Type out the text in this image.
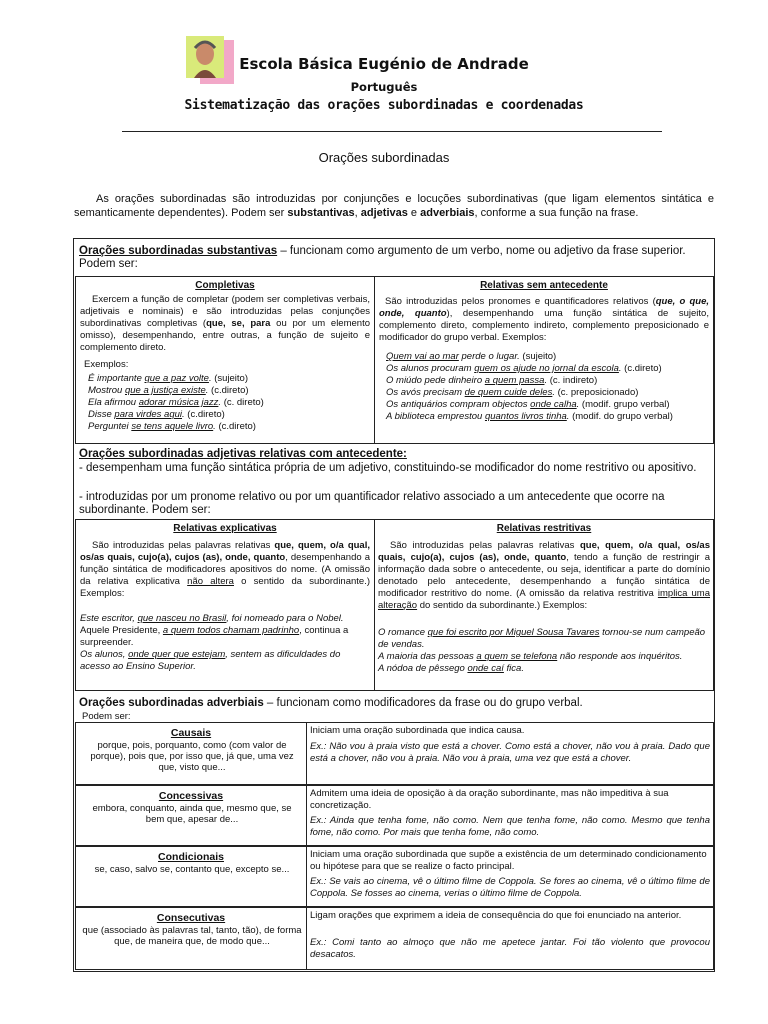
Escola Básica Eugénio de Andrade
Português
Sistematização das orações subordinadas e coordenadas
Orações subordinadas
As orações subordinadas são introduzidas por conjunções e locuções subordinativas (que ligam elementos sintática e semanticamente dependentes). Podem ser substantivas, adjetivas e adverbiais, conforme a sua função na frase.
Orações subordinadas substantivas – funcionam como argumento de um verbo, nome ou adjetivo da frase superior. Podem ser:
Completivas
Exercem a função de completar (podem ser completivas verbais, adjetivais e nominais) e são introduzidas pelas conjunções subordinativas completivas (que, se, para ou por um elemento omisso), desempenhando, entre outras, a função de sujeito e complemento direto.
Exemplos:
É importante que a paz volte. (sujeito)
Mostrou que a justiça existe. (c.direto)
Ela afirmou adorar música jazz. (c. direto)
Disse para virdes aqui. (c.direto)
Perguntei se tens aquele livro. (c.direto)
Relativas sem antecedente
São introduzidas pelos pronomes e quantificadores relativos (que, o que, onde, quanto), desempenhando uma função sintática de sujeito, complemento direto, complemento indireto, complemento preposicionado e modificador do grupo verbal. Exemplos:
Quem vai ao mar perde o lugar. (sujeito)
Os alunos procuram quem os ajude no jornal da escola. (c.direto)
O miúdo pede dinheiro a quem passa. (c. indireto)
Os avós precisam de quem cuide deles. (c. preposicionado)
Os antiquários compram objectos onde calha. (modif. grupo verbal)
A biblioteca emprestou quantos livros tinha. (modif. do grupo verbal)
Orações subordinadas adjetivas relativas com antecedente:
- desempenham uma função sintática própria de um adjetivo, constituindo-se modificador do nome restritivo ou apositivo.
- introduzidas por um pronome relativo ou por um quantificador relativo associado a um antecedente que ocorre na subordinante. Podem ser:
Relativas explicativas
São introduzidas pelas palavras relativas que, quem, o/a qual, os/as quais, cujo(a), cujos (as), onde, quanto, desempenhando a função sintática de modificadores apositivos do nome. (A omissão da relativa explicativa não altera o sentido da subordinante.) Exemplos:
Este escritor, que nasceu no Brasil, foi nomeado para o Nobel.
Aquele Presidente, a quem todos chamam padrinho, continua a surpreender.
Os alunos, onde quer que estejam, sentem as dificuldades do acesso ao Ensino Superior.
Relativas restritivas
São introduzidas pelas palavras relativas que, quem, o/a qual, os/as quais, cujo(a), cujos (as), onde, quanto, tendo a função de restringir a informação dada sobre o antecedente, ou seja, identificar a parte do domínio denotado pelo antecedente, desempenhando a função sintática de modificador restritivo do nome. (A omissão da relativa restritiva implica uma alteração do sentido da subordinante.) Exemplos:
O romance que foi escrito por Miguel Sousa Tavares tornou-se num campeão de vendas.
A maioria das pessoas a quem se telefona não responde aos inquéritos.
A nódoa de pêssego onde caí fica.
Orações subordinadas adverbiais – funcionam como modificadores da frase ou do grupo verbal.
Podem ser:
Causais
porque, pois, porquanto, como (com valor de porque), pois que, por isso que, já que, uma vez que, visto que...
Iniciam uma oração subordinada que indica causa.
Ex.: Não vou à praia visto que está a chover. Como está a chover, não vou à praia. Dado que está a chover, não vou à praia. Não vou à praia, uma vez que está a chover.
Concessivas
embora, conquanto, ainda que, mesmo que, se bem que, apesar de...
Admitem uma ideia de oposição à da oração subordinante, mas não impeditiva à sua concretização.
Ex.: Ainda que tenha fome, não como. Nem que tenha fome, não como. Mesmo que tenha fome, não como. Por mais que tenha fome, não como.
Condicionais
se, caso, salvo se, contanto que, excepto se...
Iniciam uma oração subordinada que supõe a existência de um determinado condicionamento ou hipótese para que se realize o facto principal.
Ex.: Se vais ao cinema, vê o último filme de Coppola. Se fores ao cinema, vê o último filme de Coppola. Se fosses ao cinema, verias o último filme de Coppola.
Consecutivas
que (associado às palavras tal, tanto, tão), de forma que, de maneira que, de modo que...
Ligam orações que exprimem a ideia de consequência do que foi enunciado na anterior.
Ex.: Comi tanto ao almoço que não me apetece jantar. Foi tão violento que provocou desacatos.
